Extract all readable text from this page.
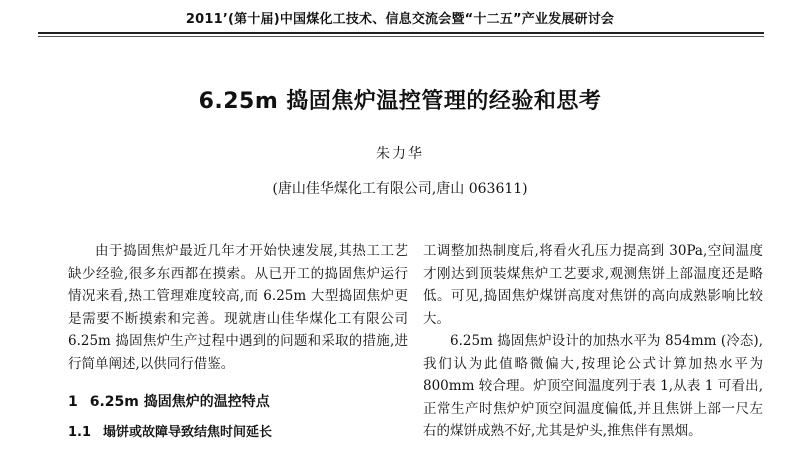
2011’(第十届)中国煤化工技术、信息交流会暨“十二五”产业发展研讨会
6.25m 捣固焦炉温控管理的经验和思考
朱力华
(唐山佳华煤化工有限公司,唐山 063611)

由于捣固焦炉最近几年才开始快速发展,其热工工艺缺少经验,很多东西都在摸索。从已开工的捣固焦炉运行情况来看,热工管理难度较高,而 6.25m 大型捣固焦炉更是需要不断摸索和完善。现就唐山佳华煤化工有限公司 6.25m 捣固焦炉生产过程中遇到的问题和采取的措施,进行简单阐述,以供同行借鉴。

1 6.25m 捣固焦炉的温控特点
1.1 塌饼或故障导致结焦时间延长

工调整加热制度后,将看火孔压力提高到 30Pa,空间温度才刚达到顶装煤焦炉工艺要求,观测焦饼上部温度还是略低。可见,捣固焦炉煤饼高度对焦饼的高向成熟影响比较大。

6.25m 捣固焦炉设计的加热水平为 854mm (冷态),我们认为此值略微偏大,按理论公式计算加热水平为 800mm 较合理。炉顶空间温度列于表 1,从表 1 可看出,正常生产时焦炉炉顶空间温度偏低,并且焦饼上部一尺左右的煤饼成熟不好,尤其是炉头,推焦伴有黑烟。
